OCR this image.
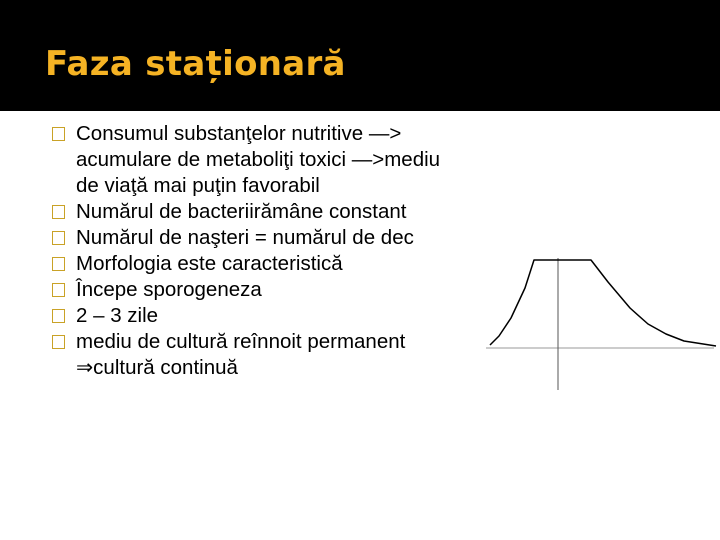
Faza staționară
Consumul substanţelor nutritive —>
acumulare de metaboliţi toxici —>mediu
de viaţă mai puţin favorabil
Numărul de bacteriirămâne constant
Numărul de naşteri = numărul de dec
Morfologia este caracteristică
Începe sporogeneza
2 – 3 zile
mediu de cultură reînnoit permanent
⇒cultură continuă
